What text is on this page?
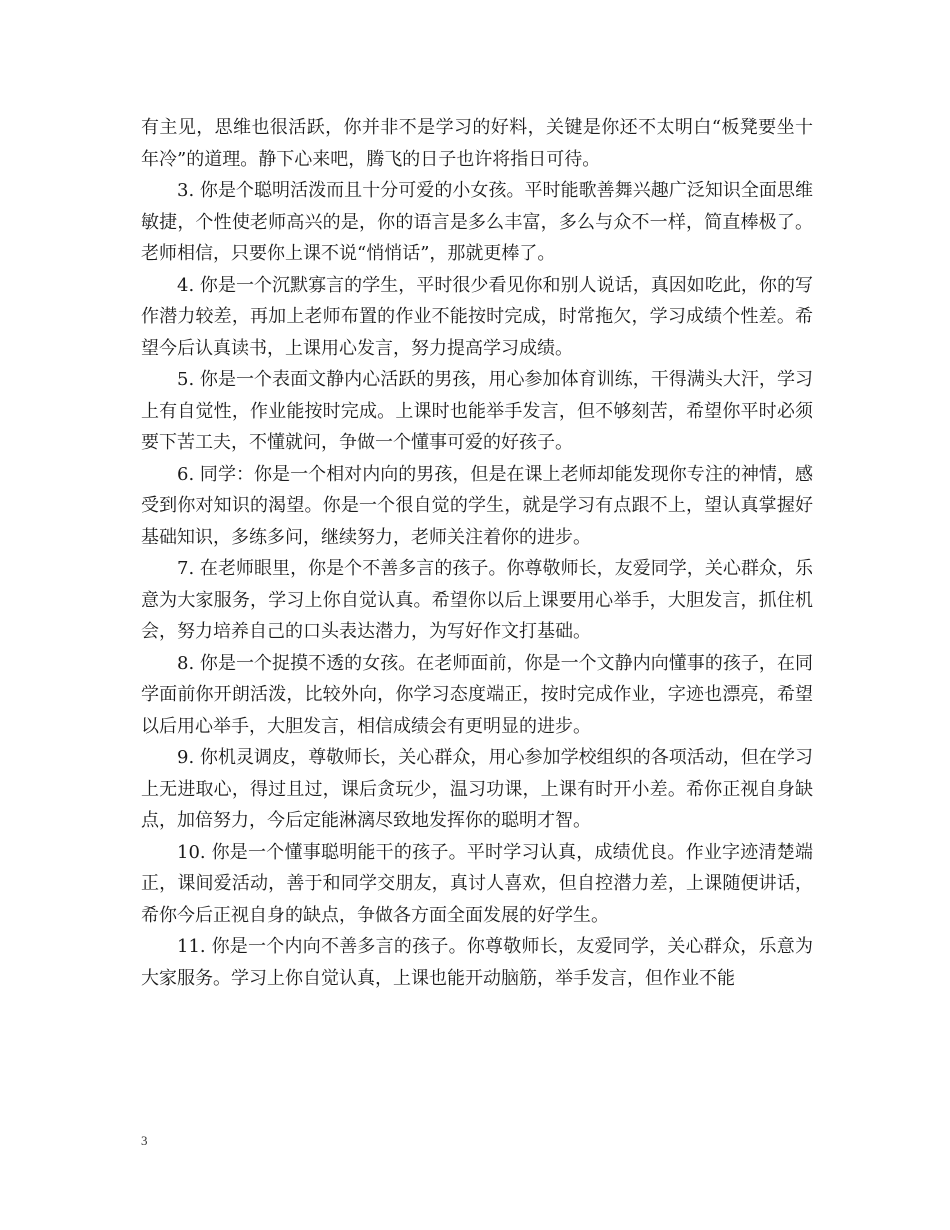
有主见，思维也很活跃，你并非不是学习的好料，关键是你还不太明白“板凳要坐十年冷”的道理。静下心来吧，腾飞的日子也许将指日可待。

3. 你是个聪明活泼而且十分可爱的小女孩。平时能歌善舞兴趣广泛知识全面思维敏捷，个性使老师高兴的是，你的语言是多么丰富，多么与众不一样，简直棒极了。老师相信，只要你上课不说“悄悄话”，那就更棒了。

4. 你是一个沉默寡言的学生，平时很少看见你和别人说话，真因如吃此，你的写作潜力较差，再加上老师布置的作业不能按时完成，时常拖欠，学习成绩个性差。希望今后认真读书，上课用心发言，努力提高学习成绩。

5. 你是一个表面文静内心活跃的男孩，用心参加体育训练，干得满头大汗，学习上有自觉性，作业能按时完成。上课时也能举手发言，但不够刻苦，希望你平时必须要下苦工夫，不懂就问，争做一个懂事可爱的好孩子。

6. 同学：你是一个相对内向的男孩，但是在课上老师却能发现你专注的神情，感受到你对知识的渴望。你是一个很自觉的学生，就是学习有点跟不上，望认真掌握好基础知识，多练多问，继续努力，老师关注着你的进步。

7. 在老师眼里，你是个不善多言的孩子。你尊敬师长，友爱同学，关心群众，乐意为大家服务，学习上你自觉认真。希望你以后上课要用心举手，大胆发言，抓住机会，努力培养自己的口头表达潜力，为写好作文打基础。

8. 你是一个捉摸不透的女孩。在老师面前，你是一个文静内向懂事的孩子，在同学面前你开朗活泼，比较外向，你学习态度端正，按时完成作业，字迹也漂亮，希望以后用心举手，大胆发言，相信成绩会有更明显的进步。

9. 你机灵调皮，尊敬师长，关心群众，用心参加学校组织的各项活动，但在学习上无进取心，得过且过，课后贪玩少，温习功课，上课有时开小差。希你正视自身缺点，加倍努力，今后定能淋漓尽致地发挥你的聪明才智。

10. 你是一个懂事聪明能干的孩子。平时学习认真，成绩优良。作业字迹清楚端正，课间爱活动，善于和同学交朋友，真讨人喜欢，但自控潜力差，上课随便讲话，希你今后正视自身的缺点，争做各方面全面发展的好学生。

11. 你是一个内向不善多言的孩子。你尊敬师长，友爱同学，关心群众，乐意为大家服务。学习上你自觉认真，上课也能开动脑筋，举手发言，但作业不能

3
